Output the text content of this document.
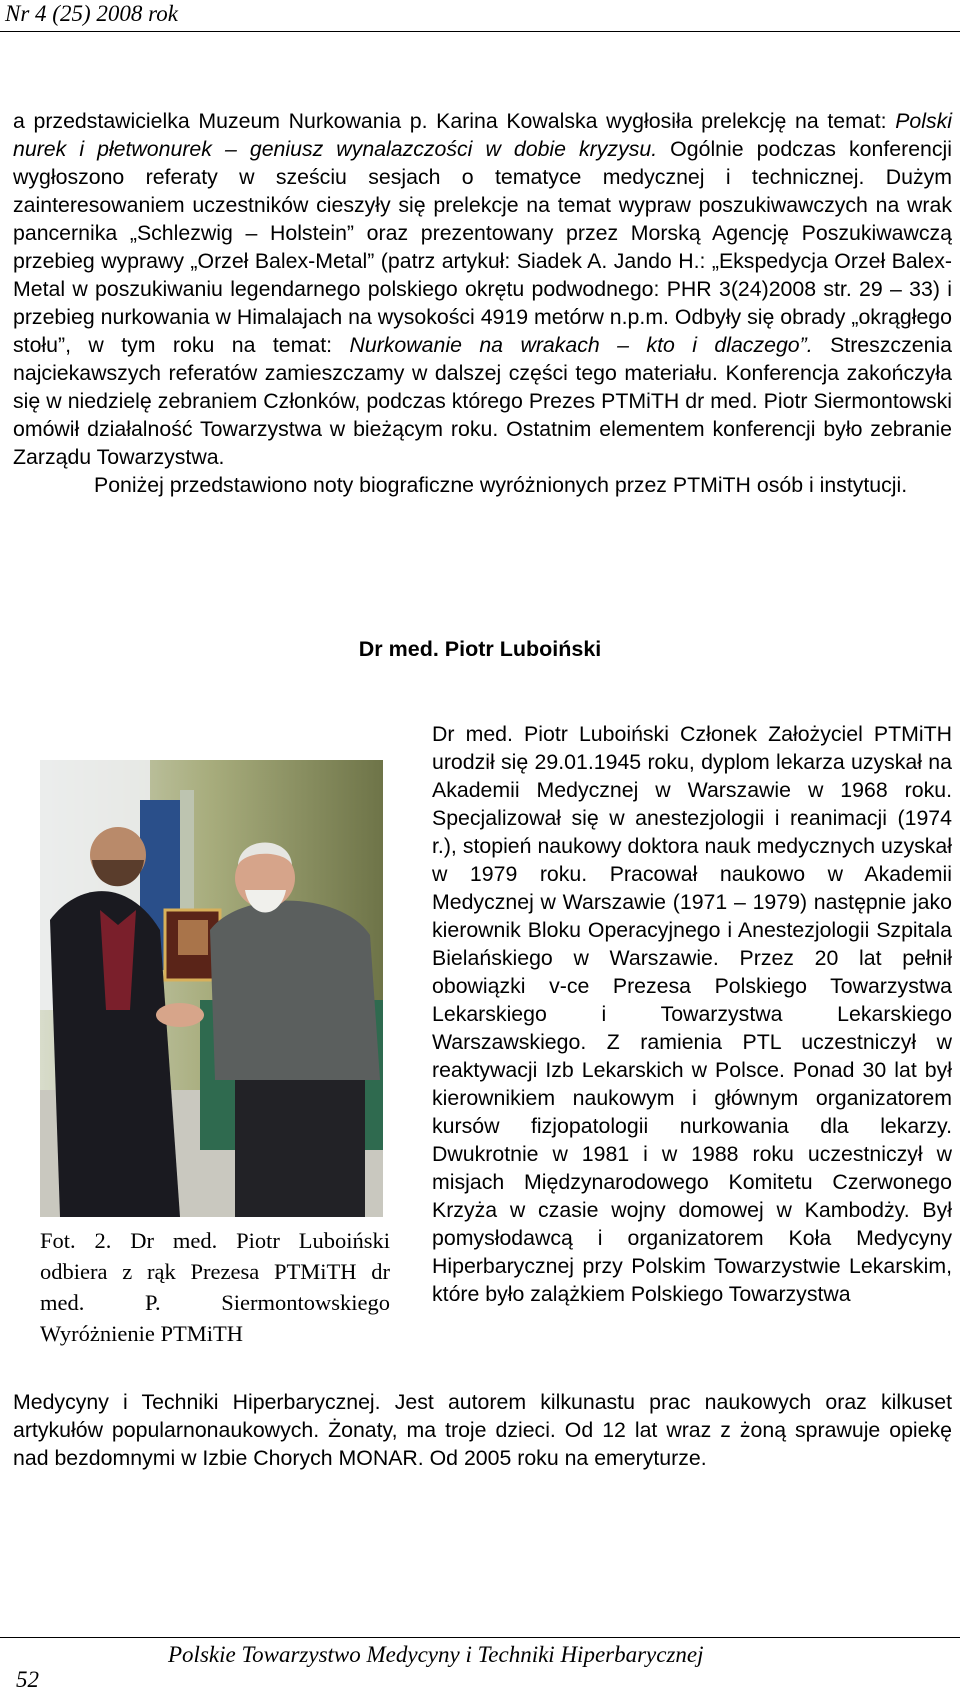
Nr 4 (25) 2008 rok

a przedstawicielka Muzeum Nurkowania p. Karina Kowalska wygłosiła prelekcję na temat: Polski nurek i płetwonurek – geniusz wynalazczości w dobie kryzysu. Ogólnie podczas konferencji wygłoszono referaty w sześciu sesjach o tematyce medycznej i technicznej. Dużym zainteresowaniem uczestników cieszyły się prelekcje na temat wypraw poszukiwawczych na wrak pancernika „Schlezwig – Holstein” oraz prezentowany przez Morską Agencję Poszukiwawczą przebieg wyprawy „Orzeł Balex-Metal” (patrz artykuł: Siadek A. Jando H.: „Ekspedycja Orzeł Balex-Metal w poszukiwaniu legendarnego polskiego okrętu podwodnego: PHR 3(24)2008 str. 29 – 33) i przebieg nurkowania w Himalajach na wysokości 4919 metórw n.p.m. Odbyły się obrady „okrągłego stołu”, w tym roku na temat: Nurkowanie na wrakach – kto i dlaczego”. Streszczenia najciekawszych referatów zamieszczamy w dalszej części tego materiału. Konferencja zakończyła się w niedzielę zebraniem Członków, podczas którego Prezes PTMiTH dr med. Piotr Siermontowski omówił działalność Towarzystwa w bieżącym roku. Ostatnim elementem konferencji było zebranie Zarządu Towarzystwa.

Poniżej przedstawiono noty biograficzne wyróżnionych przez PTMiTH osób i instytucji.

Dr med. Piotr Luboiński
Fot. 2. Dr med. Piotr Luboiński odbiera z rąk Prezesa PTMiTH dr med. P. Siermontowskiego Wyróżnienie PTMiTH

Dr med. Piotr Luboiński Członek Założyciel PTMiTH urodził się 29.01.1945 roku, dyplom lekarza uzyskał na Akademii Medycznej w Warszawie w 1968 roku. Specjalizował się w anestezjologii i reanimacji (1974 r.), stopień naukowy doktora nauk medycznych uzyskał w 1979 roku. Pracował naukowo w Akademii Medycznej w Warszawie (1971 – 1979) następnie jako kierownik Bloku Operacyjnego i Anestezjologii Szpitala Bielańskiego w Warszawie. Przez 20 lat pełnił obowiązki v-ce Prezesa Polskiego Towarzystwa Lekarskiego i Towarzystwa Lekarskiego Warszawskiego. Z ramienia PTL uczestniczył w reaktywacji Izb Lekarskich w Polsce. Ponad 30 lat był kierownikiem naukowym i głównym organizatorem kursów fizjopatologii nurkowania dla lekarzy. Dwukrotnie w 1981 i w 1988 roku uczestniczył w misjach Międzynarodowego Komitetu Czerwonego Krzyża w czasie wojny domowej w Kambodży. Był pomysłodawcą i organizatorem Koła Medycyny Hiperbarycznej przy Polskim Towarzystwie Lekarskim, które było zalążkiem Polskiego Towarzystwa

Medycyny i Techniki Hiperbarycznej. Jest autorem kilkunastu prac naukowych oraz kilkuset artykułów popularnonaukowych. Żonaty, ma troje dzieci. Od 12 lat wraz z żoną sprawuje opiekę nad bezdomnymi w Izbie Chorych MONAR. Od 2005 roku na emeryturze.

Polskie Towarzystwo Medycyny i Techniki Hiperbarycznej
52
